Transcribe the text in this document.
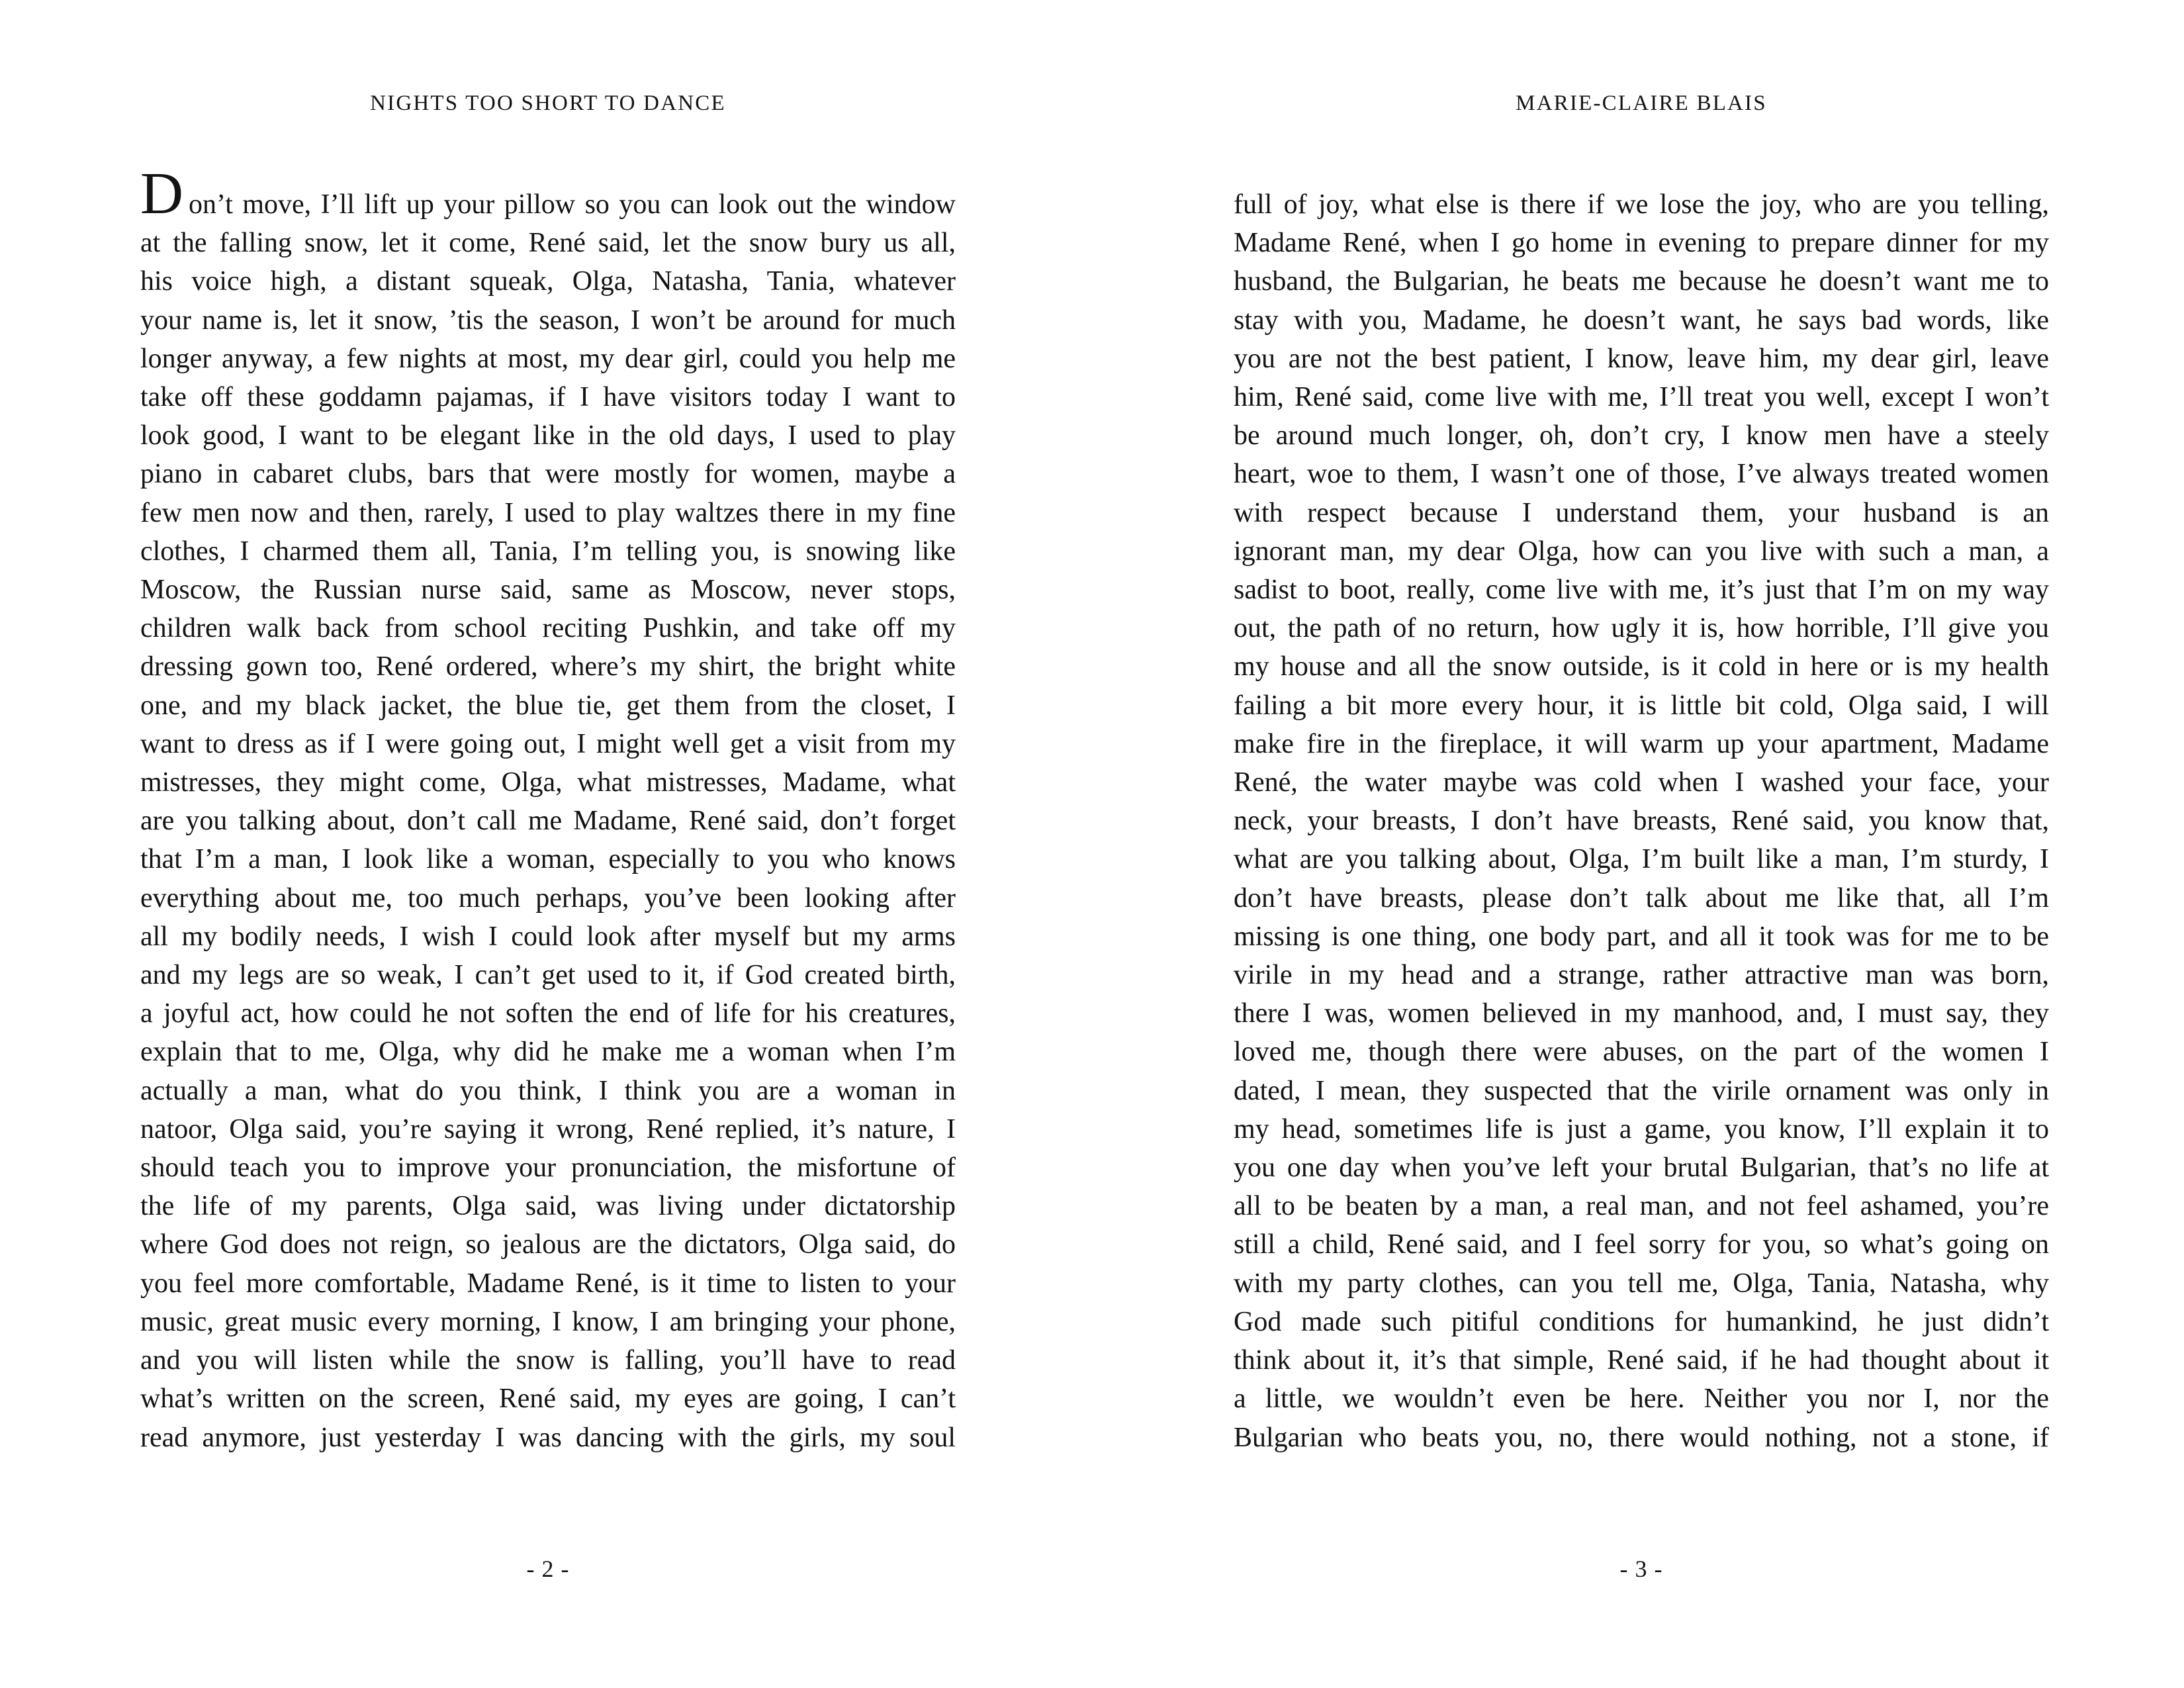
NIGHTS TOO SHORT TO DANCE
Don’t move, I’ll lift up your pillow so you can look out the window
at the falling snow, let it come, René said, let the snow bury us all,
his voice high, a distant squeak, Olga, Natasha, Tania, whatever
your name is, let it snow, ’tis the season, I won’t be around for much
longer anyway, a few nights at most, my dear girl, could you help me
take off these goddamn pajamas, if I have visitors today I want to
look good, I want to be elegant like in the old days, I used to play
piano in cabaret clubs, bars that were mostly for women, maybe a
few men now and then, rarely, I used to play waltzes there in my fine
clothes, I charmed them all, Tania, I’m telling you, is snowing like
Moscow, the Russian nurse said, same as Moscow, never stops,
children walk back from school reciting Pushkin, and take off my
dressing gown too, René ordered, where’s my shirt, the bright white
one, and my black jacket, the blue tie, get them from the closet, I
want to dress as if I were going out, I might well get a visit from my
mistresses, they might come, Olga, what mistresses, Madame, what
are you talking about, don’t call me Madame, René said, don’t forget
that I’m a man, I look like a woman, especially to you who knows
everything about me, too much perhaps, you’ve been looking after
all my bodily needs, I wish I could look after myself but my arms
and my legs are so weak, I can’t get used to it, if God created birth,
a joyful act, how could he not soften the end of life for his creatures,
explain that to me, Olga, why did he make me a woman when I’m
actually a man, what do you think, I think you are a woman in
natoor, Olga said, you’re saying it wrong, René replied, it’s nature, I
should teach you to improve your pronunciation, the misfortune of
the life of my parents, Olga said, was living under dictatorship
where God does not reign, so jealous are the dictators, Olga said, do
you feel more comfortable, Madame René, is it time to listen to your
music, great music every morning, I know, I am bringing your phone,
and you will listen while the snow is falling, you’ll have to read
what’s written on the screen, René said, my eyes are going, I can’t
read anymore, just yesterday I was dancing with the girls, my soul
- 2 -
MARIE-CLAIRE BLAIS
full of joy, what else is there if we lose the joy, who are you telling,
Madame René, when I go home in evening to prepare dinner for my
husband, the Bulgarian, he beats me because he doesn’t want me to
stay with you, Madame, he doesn’t want, he says bad words, like
you are not the best patient, I know, leave him, my dear girl, leave
him, René said, come live with me, I’ll treat you well, except I won’t
be around much longer, oh, don’t cry, I know men have a steely
heart, woe to them, I wasn’t one of those, I’ve always treated women
with respect because I understand them, your husband is an
ignorant man, my dear Olga, how can you live with such a man, a
sadist to boot, really, come live with me, it’s just that I’m on my way
out, the path of no return, how ugly it is, how horrible, I’ll give you
my house and all the snow outside, is it cold in here or is my health
failing a bit more every hour, it is little bit cold, Olga said, I will
make fire in the fireplace, it will warm up your apartment, Madame
René, the water maybe was cold when I washed your face, your
neck, your breasts, I don’t have breasts, René said, you know that,
what are you talking about, Olga, I’m built like a man, I’m sturdy, I
don’t have breasts, please don’t talk about me like that, all I’m
missing is one thing, one body part, and all it took was for me to be
virile in my head and a strange, rather attractive man was born,
there I was, women believed in my manhood, and, I must say, they
loved me, though there were abuses, on the part of the women I
dated, I mean, they suspected that the virile ornament was only in
my head, sometimes life is just a game, you know, I’ll explain it to
you one day when you’ve left your brutal Bulgarian, that’s no life at
all to be beaten by a man, a real man, and not feel ashamed, you’re
still a child, René said, and I feel sorry for you, so what’s going on
with my party clothes, can you tell me, Olga, Tania, Natasha, why
God made such pitiful conditions for humankind, he just didn’t
think about it, it’s that simple, René said, if he had thought about it
a little, we wouldn’t even be here. Neither you nor I, nor the
Bulgarian who beats you, no, there would nothing, not a stone, if
- 3 -
